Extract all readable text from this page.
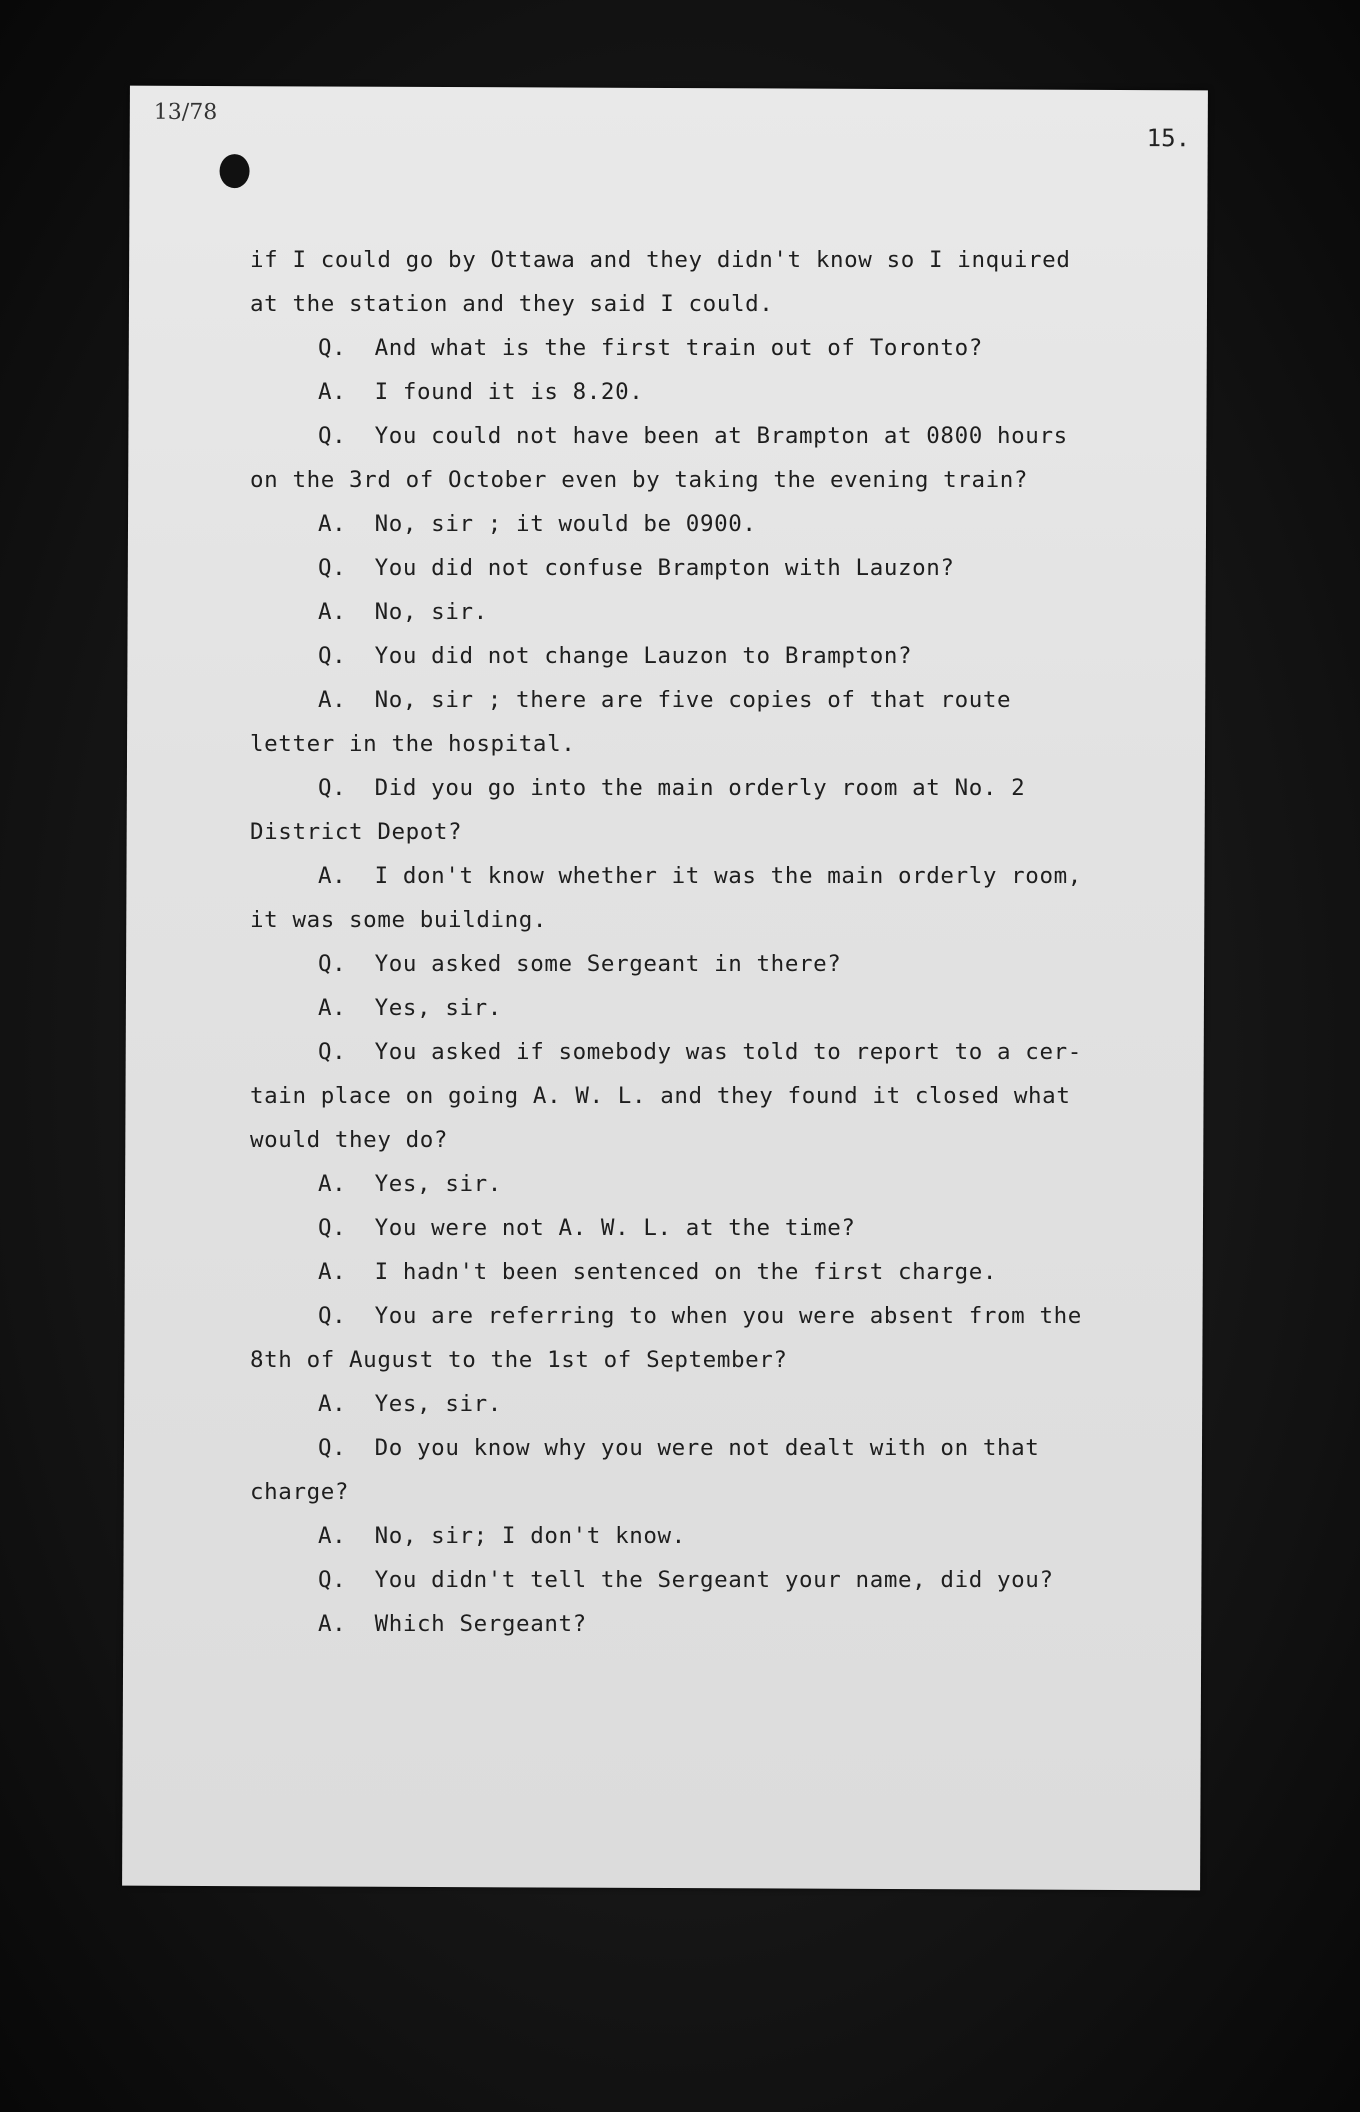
13/78
15.
if I could go by Ottawa and they didn't know so I inquired
at the station and they said I could.
Q.  And what is the first train out of Toronto?
A.  I found it is 8.20.
Q.  You could not have been at Brampton at 0800 hours
on the 3rd of October even by taking the evening train?
A.  No, sir ; it would be 0900.
Q.  You did not confuse Brampton with Lauzon?
A.  No, sir.
Q.  You did not change Lauzon to Brampton?
A.  No, sir ; there are five copies of that route
letter in the hospital.
Q.  Did you go into the main orderly room at No. 2
District Depot?
A.  I don't know whether it was the main orderly room,
it was some building.
Q.  You asked some Sergeant in there?
A.  Yes, sir.
Q.  You asked if somebody was told to report to a cer-
tain place on going A. W. L. and they found it closed what
would they do?
A.  Yes, sir.
Q.  You were not A. W. L. at the time?
A.  I hadn't been sentenced on the first charge.
Q.  You are referring to when you were absent from the
8th of August to the 1st of September?
A.  Yes, sir.
Q.  Do you know why you were not dealt with on that
charge?
A.  No, sir; I don't know.
Q.  You didn't tell the Sergeant your name, did you?
A.  Which Sergeant?
